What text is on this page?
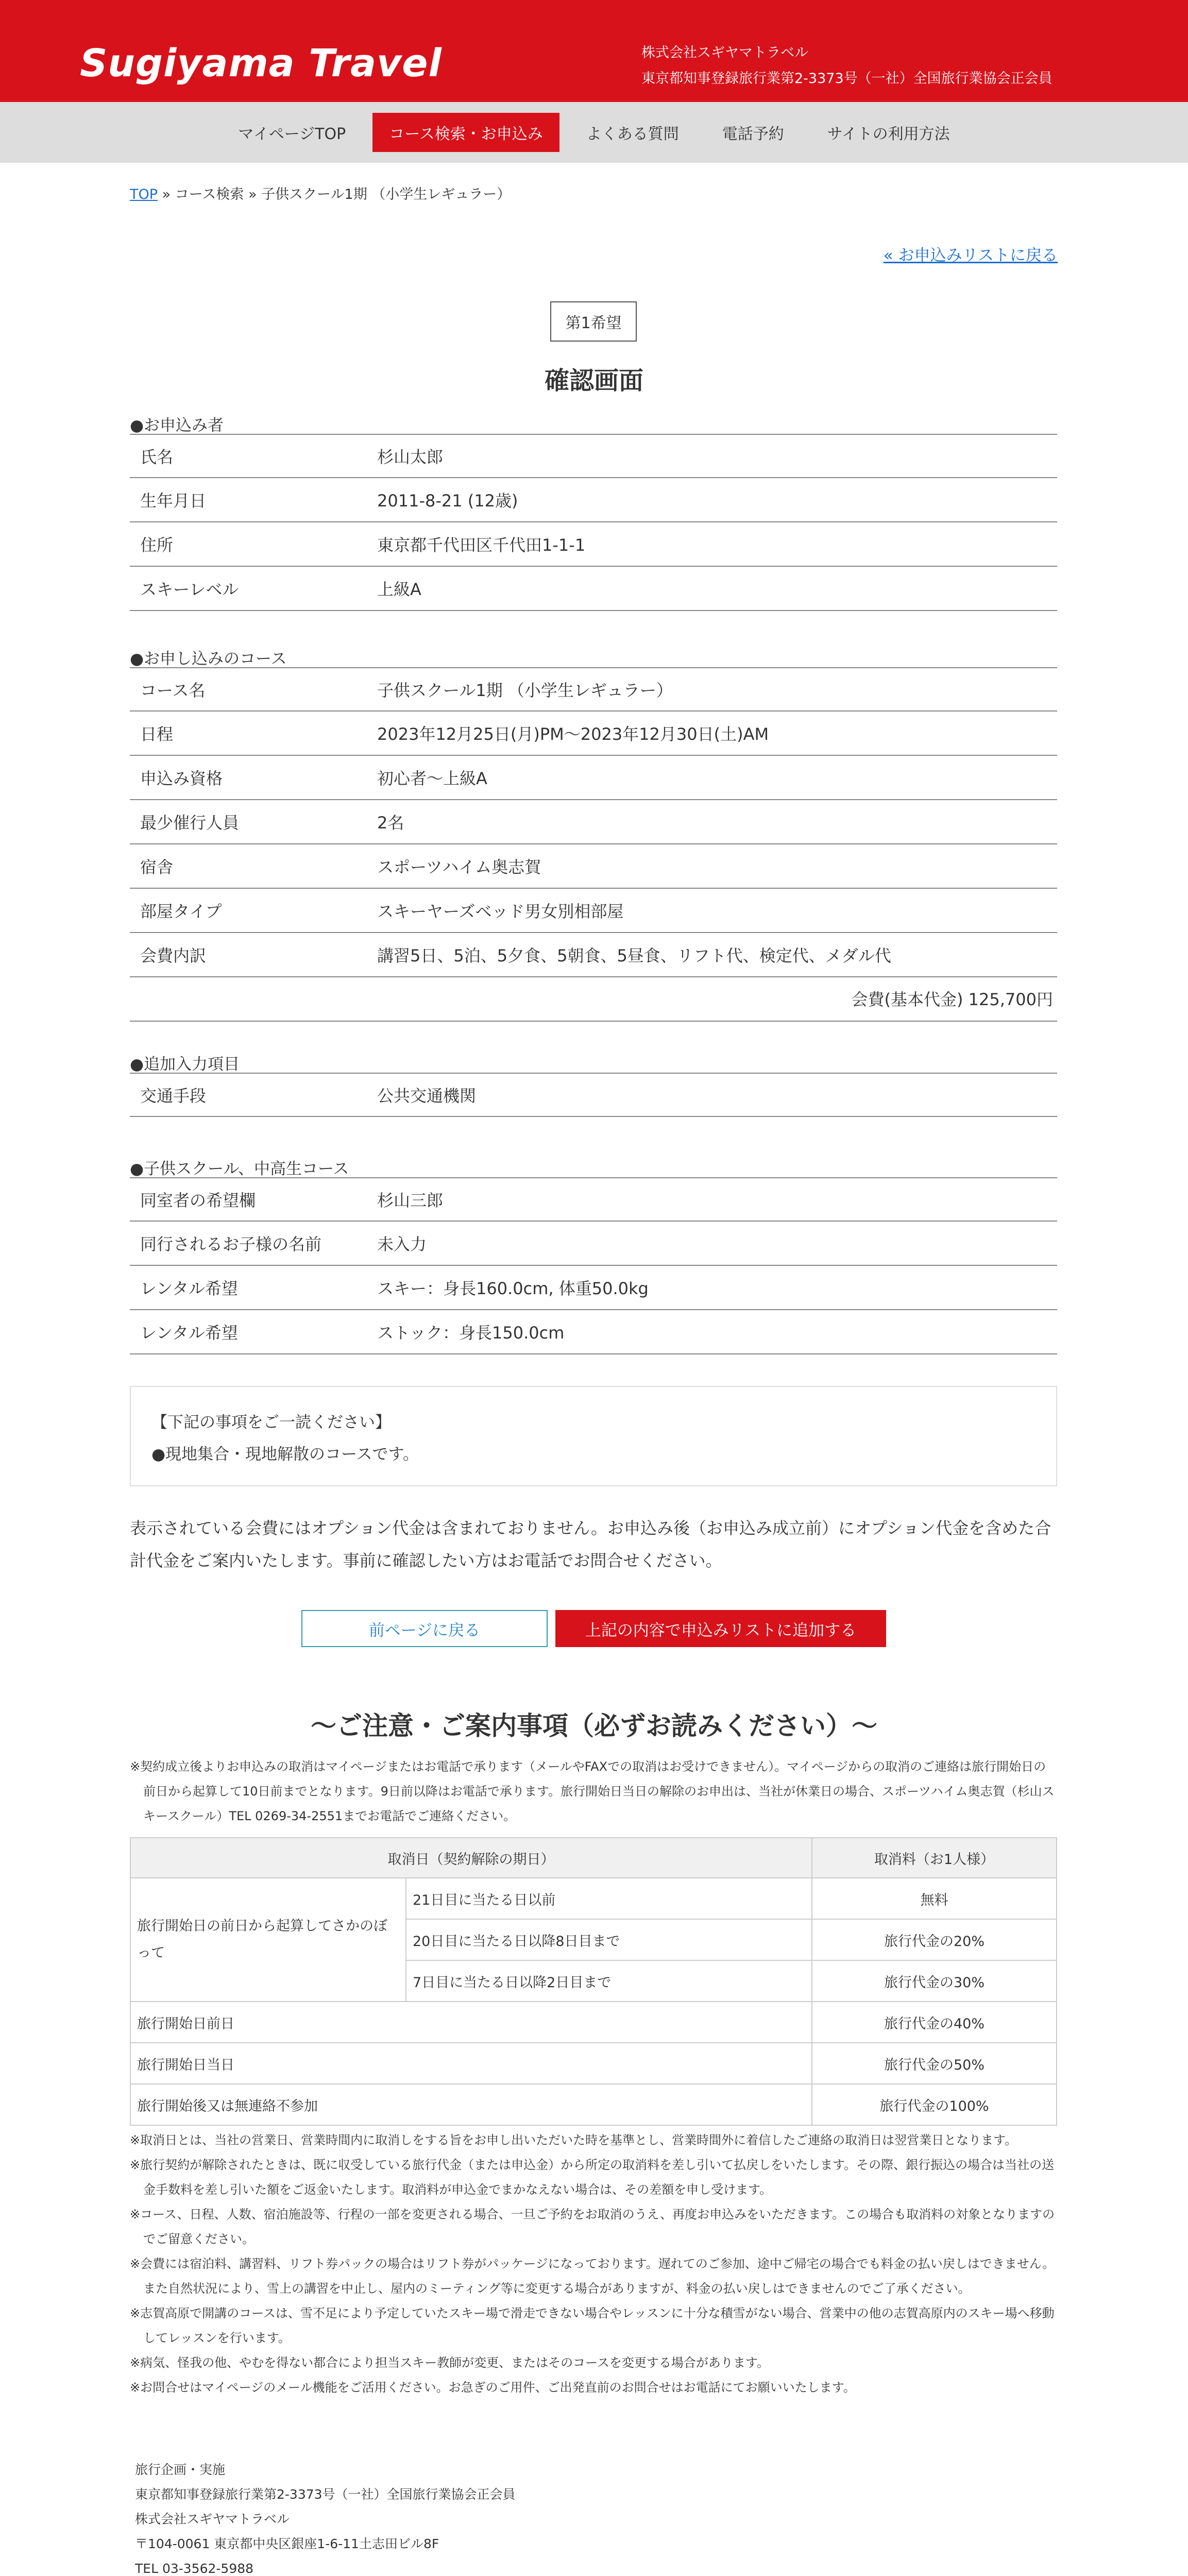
Sugiyama Travel	株式会社スギヤマトラベル
東京都知事登録旅行業第2-3373号（一社）全国旅行業協会正会員
マイページTOP	コース検索・お申込み	よくある質問	電話予約	サイトの利用方法
TOP » コース検索 » 子供スクール1期 （小学生レギュラー）
« お申込みリストに戻る
第1希望
確認画面
●お申込み者
氏名	杉山太郎
生年月日	2011-8-21 (12歳)
住所	東京都千代田区千代田1-1-1
スキーレベル	上級A
●お申し込みのコース
コース名	子供スクール1期 （小学生レギュラー）
日程	2023年12月25日(月)PM〜2023年12月30日(土)AM
申込み資格	初心者〜上級A
最少催行人員	2名
宿舎	スポーツハイム奥志賀
部屋タイプ	スキーヤーズベッド男女別相部屋
会費内訳	講習5日、5泊、5夕食、5朝食、5昼食、リフト代、検定代、メダル代
会費(基本代金) 125,700円
●追加入力項目
交通手段	公共交通機関
●子供スクール、中高生コース
同室者の希望欄	杉山三郎
同行されるお子様の名前	未入力
レンタル希望	スキー：身長160.0cm, 体重50.0kg
レンタル希望	ストック：身長150.0cm
【下記の事項をご一読ください】
●現地集合・現地解散のコースです。
表示されている会費にはオプション代金は含まれておりません。お申込み後（お申込み成立前）にオプション代金を含めた合計代金をご案内いたします。事前に確認したい方はお電話でお問合せください。
前ページに戻る	上記の内容で申込みリストに追加する
〜ご注意・ご案内事項（必ずお読みください）〜
※契約成立後よりお申込みの取消はマイページまたはお電話で承ります（メールやFAXでの取消はお受けできません）。マイページからの取消のご連絡は旅行開始日の前日から起算して10日前までとなります。9日前以降はお電話で承ります。旅行開始日当日の解除のお申出は、当社が休業日の場合、スポーツハイム奥志賀（杉山スキースクール）TEL 0269-34-2551までお電話でご連絡ください。
取消日（契約解除の期日）		取消料（お1人様）
旅行開始日の前日から起算してさかのぼって	21日目に当たる日以前	無料
	20日目に当たる日以降8日目まで	旅行代金の20%
	7日目に当たる日以降2日目まで	旅行代金の30%
旅行開始日前日		旅行代金の40%
旅行開始日当日		旅行代金の50%
旅行開始後又は無連絡不参加		旅行代金の100%
※取消日とは、当社の営業日、営業時間内に取消しをする旨をお申し出いただいた時を基準とし、営業時間外に着信したご連絡の取消日は翌営業日となります。
※旅行契約が解除されたときは、既に収受している旅行代金（または申込金）から所定の取消料を差し引いて払戻しをいたします。その際、銀行振込の場合は当社の送金手数料を差し引いた額をご返金いたします。取消料が申込金でまかなえない場合は、その差額を申し受けます。
※コース、日程、人数、宿泊施設等、行程の一部を変更される場合、一旦ご予約をお取消のうえ、再度お申込みをいただきます。この場合も取消料の対象となりますのでご留意ください。
※会費には宿泊料、講習料、リフト券パックの場合はリフト券がパッケージになっております。遅れてのご参加、途中ご帰宅の場合でも料金の払い戻しはできません。また自然状況により、雪上の講習を中止し、屋内のミーティング等に変更する場合がありますが、料金の払い戻しはできませんのでご了承ください。
※志賀高原で開講のコースは、雪不足により予定していたスキー場で滑走できない場合やレッスンに十分な積雪がない場合、営業中の他の志賀高原内のスキー場へ移動してレッスンを行います。
※病気、怪我の他、やむを得ない都合により担当スキー教師が変更、またはそのコースを変更する場合があります。
※お問合せはマイページのメール機能をご活用ください。お急ぎのご用件、ご出発直前のお問合せはお電話にてお願いいたします。
旅行企画・実施
東京都知事登録旅行業第2-3373号（一社）全国旅行業協会正会員
株式会社スギヤマトラベル
〒104-0061 東京都中央区銀座1-6-11土志田ビル8F
TEL 03-3562-5988
